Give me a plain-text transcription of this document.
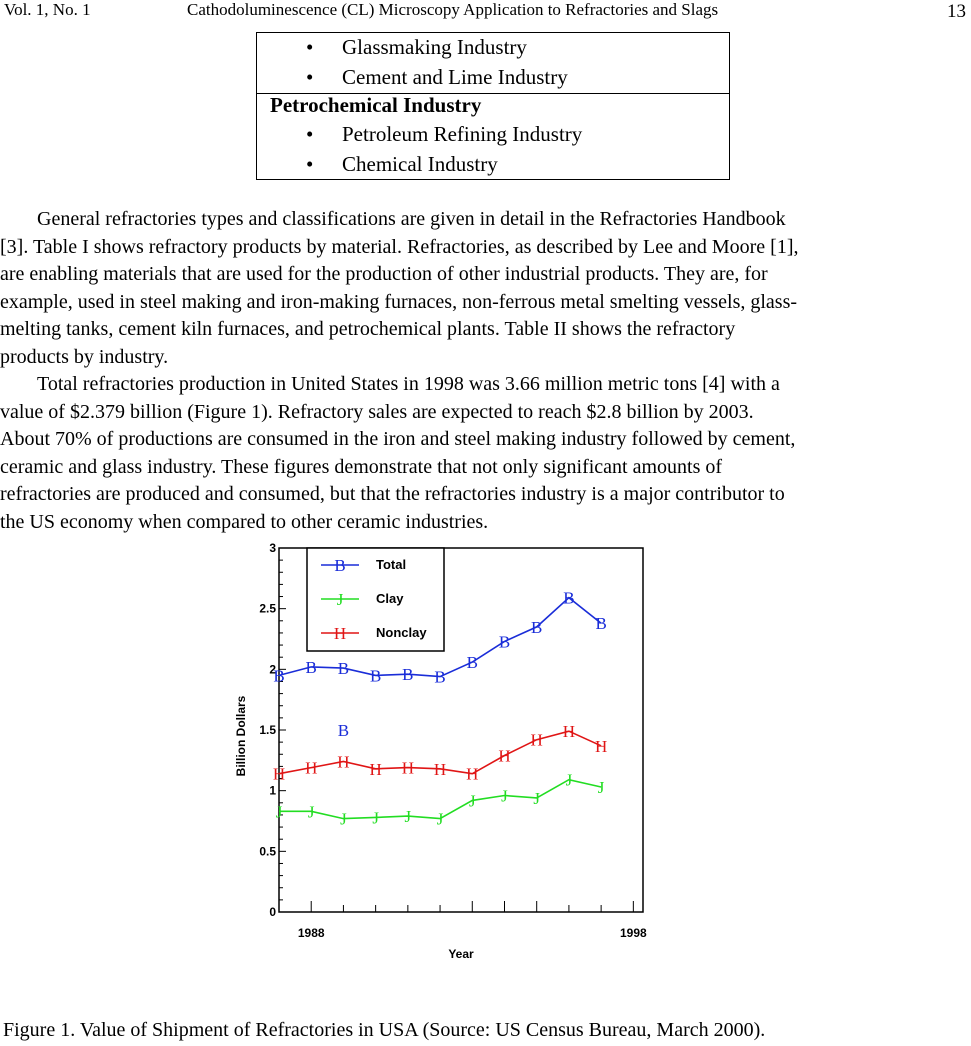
Vol. 1, No. 1	Cathodoluminescence (CL) Microscopy Application to Refractories and Slags	13
• Glassmaking Industry
• Cement and Lime Industry
Petrochemical Industry
• Petroleum Refining Industry
• Chemical Industry

General refractories types and classifications are given in detail in the Refractories Handbook

[3]. Table I shows refractory products by material. Refractories, as described by Lee and Moore [1],

are enabling materials that are used for the production of other industrial products. They are, for

example, used in steel making and iron-making furnaces, non-ferrous metal smelting vessels, glass-

melting tanks, cement kiln furnaces, and petrochemical plants. Table II shows the refractory

products by industry.

Total refractories production in United States in 1998 was 3.66 million metric tons [4] with a

value of $2.379 billion (Figure 1). Refractory sales are expected to reach $2.8 billion by 2003.

About 70% of productions are consumed in the iron and steel making industry followed by cement,

ceramic and glass industry. These figures demonstrate that not only significant amounts of

refractories are produced and consumed, but that the refractories industry is a major contributor to

the US economy when compared to other ceramic industries.

0
0.5
1
1.5
2
2.5
3
1988	1998
Billion Dollars
Year
B B B B B B
B
B
B
B
B
J J J J J J
J J J
J J
H H H H H H H
H
H H
H
B
B Total
J	Clay
H Nonclay
Figure 1. Value of Shipment of Refractories in USA (Source: US Census Bureau, March 2000).
